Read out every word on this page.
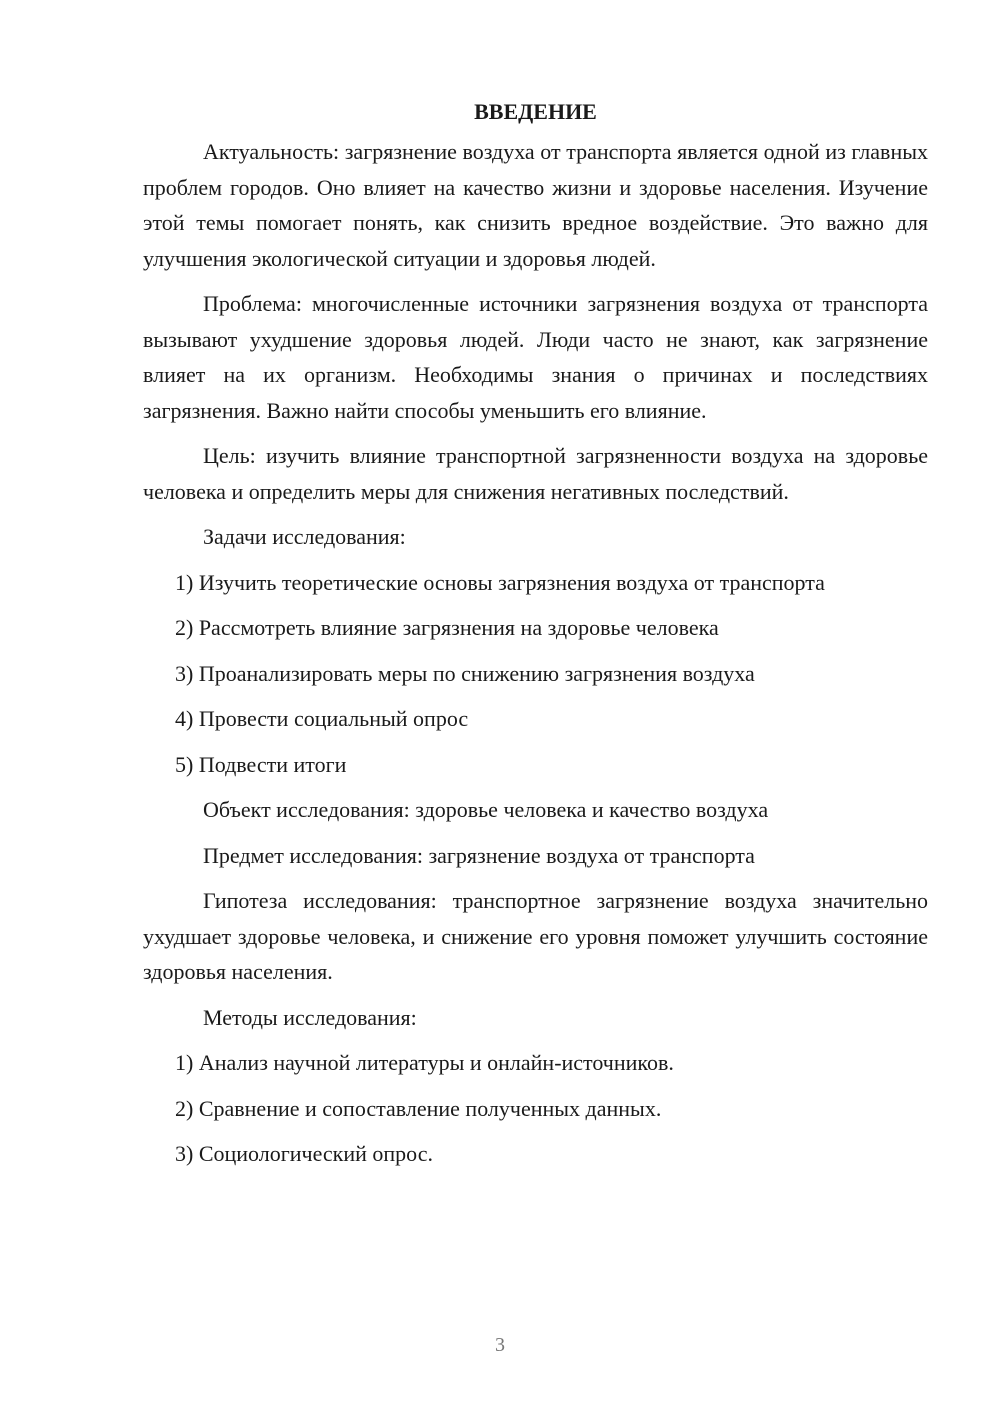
ВВЕДЕНИЕ

Актуальность: загрязнение воздуха от транспорта является одной из главных проблем городов. Оно влияет на качество жизни и здоровье населения. Изучение этой темы помогает понять, как снизить вредное воздействие. Это важно для улучшения экологической ситуации и здоровья людей.

Проблема: многочисленные источники загрязнения воздуха от транспорта вызывают ухудшение здоровья людей. Люди часто не знают, как загрязнение влияет на их организм. Необходимы знания о причинах и последствиях загрязнения. Важно найти способы уменьшить его влияние.

Цель: изучить влияние транспортной загрязненности воздуха на здоровье человека и определить меры для снижения негативных последствий.

Задачи исследования:
1) Изучить теоретические основы загрязнения воздуха от транспорта
2) Рассмотреть влияние загрязнения на здоровье человека
3) Проанализировать меры по снижению загрязнения воздуха
4) Провести социальный опрос
5) Подвести итоги
Объект исследования: здоровье человека и качество воздуха
Предмет исследования: загрязнение воздуха от транспорта

Гипотеза исследования: транспортное загрязнение воздуха значительно ухудшает здоровье человека, и снижение его уровня поможет улучшить состояние здоровья населения.

Методы исследования:
1) Анализ научной литературы и онлайн-источников.
2) Сравнение и сопоставление полученных данных.
3) Социологический опрос.
3
